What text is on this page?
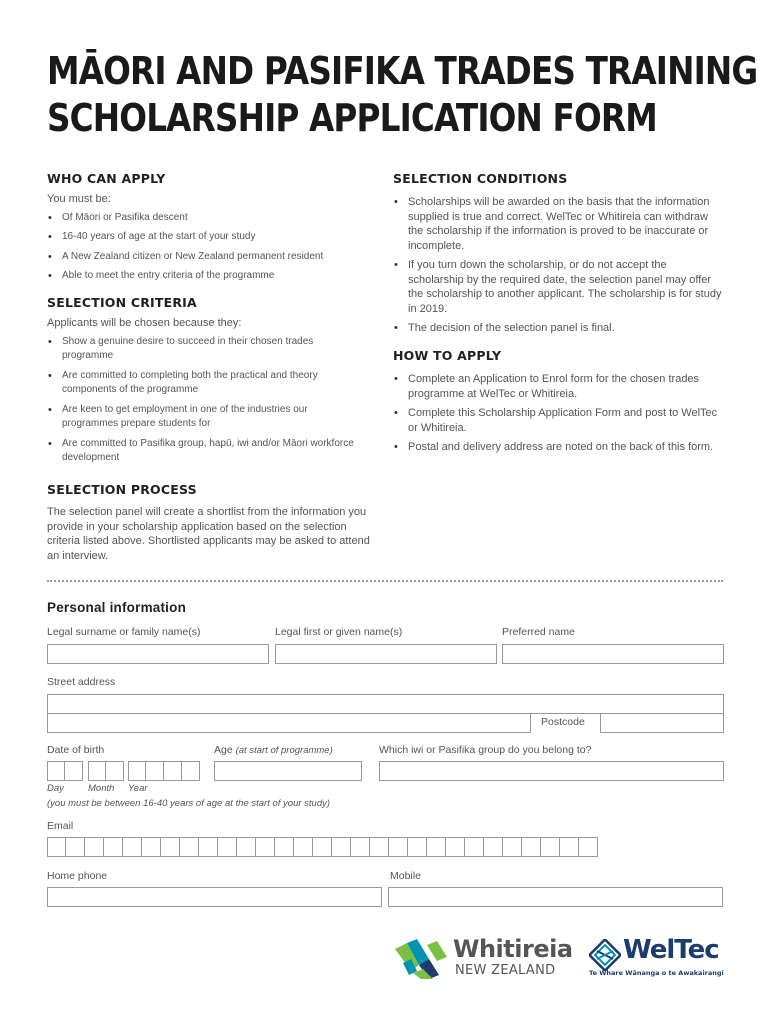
MĀORI AND PASIFIKA TRADES TRAINING
SCHOLARSHIP APPLICATION FORM
WHO CAN APPLY
You must be:
• Of Māori or Pasifika descent
• 16-40 years of age at the start of your study
• A New Zealand citizen or New Zealand permanent resident
• Able to meet the entry criteria of the programme
SELECTION CRITERIA
Applicants will be chosen because they:
• Show a genuine desire to succeed in their chosen trades programme
• Are committed to completing both the practical and theory components of the programme
• Are keen to get employment in one of the industries our programmes prepare students for
• Are committed to Pasifika group, hapū, iwi and/or Māori workforce development
SELECTION PROCESS
The selection panel will create a shortlist from the information you provide in your scholarship application based on the selection criteria listed above. Shortlisted applicants may be asked to attend an interview.
SELECTION CONDITIONS
• Scholarships will be awarded on the basis that the information supplied is true and correct. WelTec or Whitireia can withdraw the scholarship if the information is proved to be inaccurate or incomplete.
• If you turn down the scholarship, or do not accept the scholarship by the required date, the selection panel may offer the scholarship to another applicant. The scholarship is for study in 2019.
• The decision of the selection panel is final.
HOW TO APPLY
• Complete an Application to Enrol form for the chosen trades programme at WelTec or Whitireia.
• Complete this Scholarship Application Form and post to WelTec or Whitireia.
• Postal and delivery address are noted on the back of this form.
Personal information
Legal surname or family name(s)	Legal first or given name(s)	Preferred name
Street address
Postcode
Date of birth	Age (at start of programme)	Which iwi or Pasifika group do you belong to?
Day	Month Year
(you must be between 16-40 years of age at the start of your study)
Email
Home phone	Mobile
Whitireia
NEW ZEALAND
WelTec
Te Whare Wānanga o te Awakairangi
